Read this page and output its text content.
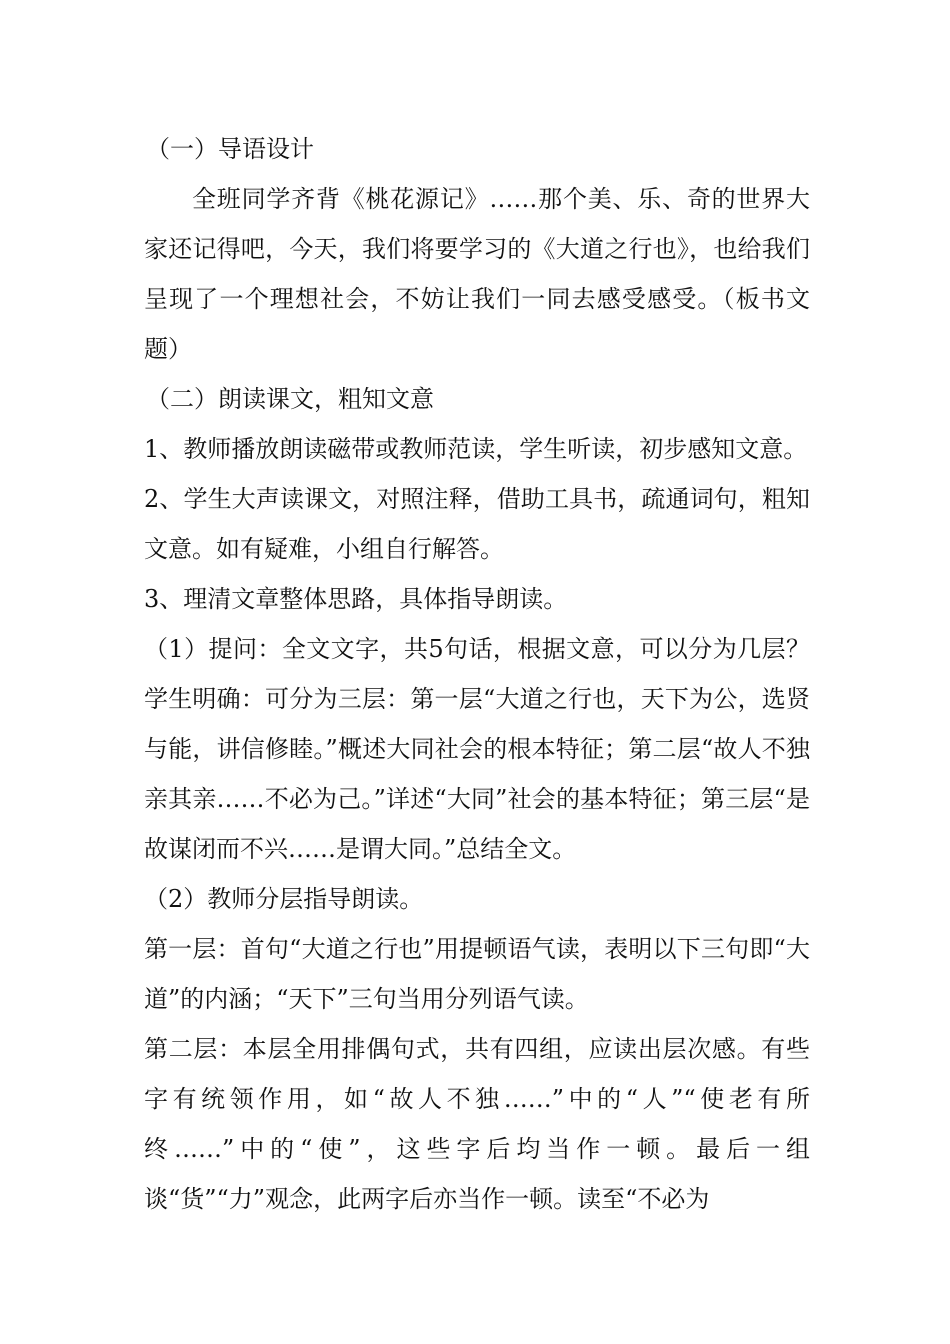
（一）导语设计

全班同学齐背《桃花源记》……那个美、乐、奇的世界大家还记得吧，今天，我们将要学习的《大道之行也》，也给我们呈现了一个理想社会，不妨让我们一同去感受感受。（板书文题）

（二）朗读课文，粗知文意

1、教师播放朗读磁带或教师范读，学生听读，初步感知文意。

2、学生大声读课文，对照注释，借助工具书，疏通词句，粗知文意。如有疑难，小组自行解答。

3、理清文章整体思路，具体指导朗读。

（1）提问：全文文字，共5句话，根据文意，可以分为几层？学生明确：可分为三层：第一层“大道之行也，天下为公，选贤与能，讲信修睦。”概述大同社会的根本特征；第二层“故人不独亲其亲……不必为己。”详述“大同”社会的基本特征；第三层“是故谋闭而不兴……是谓大同。”总结全文。

（2）教师分层指导朗读。

第一层：首句“大道之行也”用提顿语气读，表明以下三句即“大道”的内涵；“天下”三句当用分列语气读。

第二层：本层全用排偶句式，共有四组，应读出层次感。有些字有统领作用，如“故人不独……”中的“人”“使老有所终……”中的“使”，这些字后均当作一顿。最后一组谈“货”“力”观念，此两字后亦当作一顿。读至“不必为
